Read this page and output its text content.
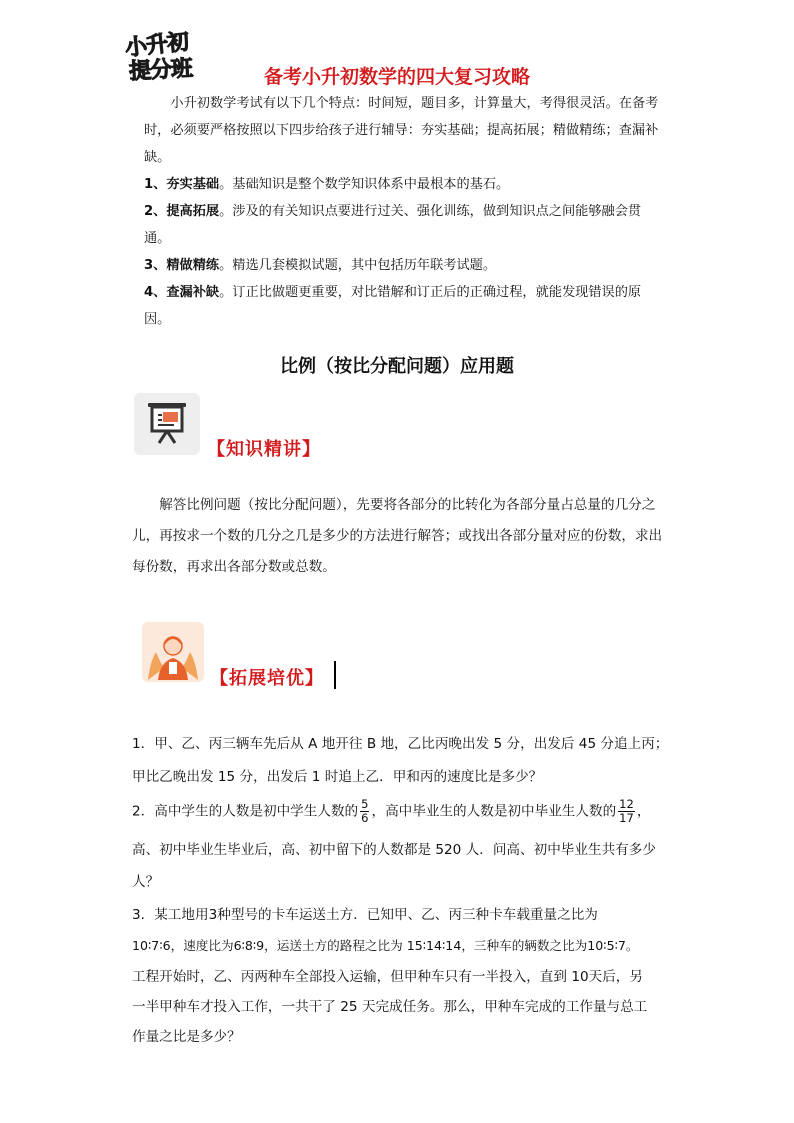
小升初
提分班	备考小升初数学的四大复习攻略

小升初数学考试有以下几个特点：时间短，题目多，计算量大，考得很灵活。在备考时，必须要严格按照以下四步给孩子进行辅导：夯实基础；提高拓展；精做精练；查漏补缺。

1、夯实基础。基础知识是整个数学知识体系中最根本的基石。

2、提高拓展。涉及的有关知识点要进行过关、强化训练，做到知识点之间能够融会贯通。

3、精做精练。精选几套模拟试题，其中包括历年联考试题。

4、查漏补缺。订正比做题更重要，对比错解和订正后的正确过程，就能发现错误的原因。

比例（按比分配问题）应用题
【知识精讲】

解答比例问题（按比分配问题），先要将各部分的比转化为各部分量占总量的几分之儿，再按求一个数的几分之几是多少的方法进行解答；或找出各部分量对应的份数，求出每份数，再求出各部分数或总数。

【拓展培优】
1．甲、乙、丙三辆车先后从 A 地开往 B 地，乙比丙晚出发 5 分，出发后 45 分追上丙；
甲比乙晚出发 15 分，出发后 1 时追上乙．甲和丙的速度比是多少？
2．高中学生的人数是初中学生人数的 $\frac{5}{6}$ ，高中毕业生的人数是初中毕业生人数的 $\frac{12}{17}$ ，
高、初中毕业生毕业后，高、初中留下的人数都是 520 人．问高、初中毕业生共有多少
人？
3．某工地用3种型号的卡车运送土方．已知甲、乙、丙三种卡车载重量之比为
10∶7∶6，速度比为6∶8∶9，运送土方的路程之比为 15∶14∶14，三种车的辆数之比为10∶5∶7。
工程开始时，乙、丙两种车全部投入运输，但甲种车只有一半投入，直到 10天后，另
一半甲种车才投入工作，一共干了 25 天完成任务。那么，甲种车完成的工作量与总工
作量之比是多少？
